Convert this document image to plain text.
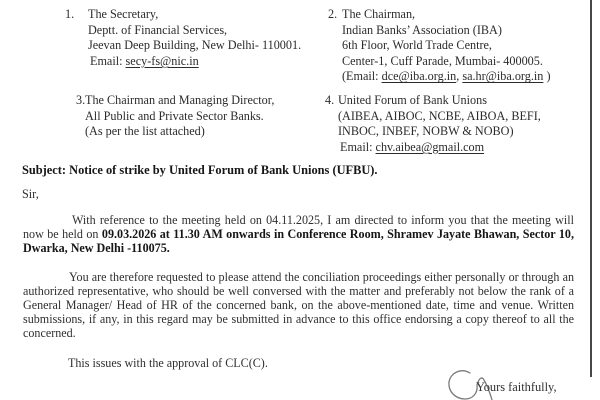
1.	The Secretary,
Deptt. of Financial Services,
Jeevan Deep Building, New Delhi- 110001.
Email: secy-fs@nic.in
2. The Chairman,
Indian Banks’ Association (IBA)
6th Floor, World Trade Centre,
Center-1, Cuff Parade, Mumbai- 400005.
(Email: dce@iba.org.in, sa.hr@iba.org.in )
3. The Chairman and Managing Director,
All Public and Private Sector Banks.
(As per the list attached)
4. United Forum of Bank Unions
(AIBEA, AIBOC, NCBE, AIBOA, BEFI,
INBOC, INBEF, NOBW & NOBO)
Email: chv.aibea@gmail.com
Subject: Notice of strike by United Forum of Bank Unions (UFBU).
Sir,

With reference to the meeting held on 04.11.2025, I am directed to inform you that the meeting will now be held on 09.03.2026 at 11.30 AM onwards in Conference Room, Shramev Jayate Bhawan, Sector 10, Dwarka, New Delhi -110075.

You are therefore requested to please attend the conciliation proceedings either personally or through an authorized representative, who should be well conversed with the matter and preferably not below the rank of a General Manager/ Head of HR of the concerned bank, on the above-mentioned date, time and venue. Written submissions, if any, in this regard may be submitted in advance to this office endorsing a copy thereof to all the concerned.

This issues with the approval of CLC(C).
Yours faithfully,
